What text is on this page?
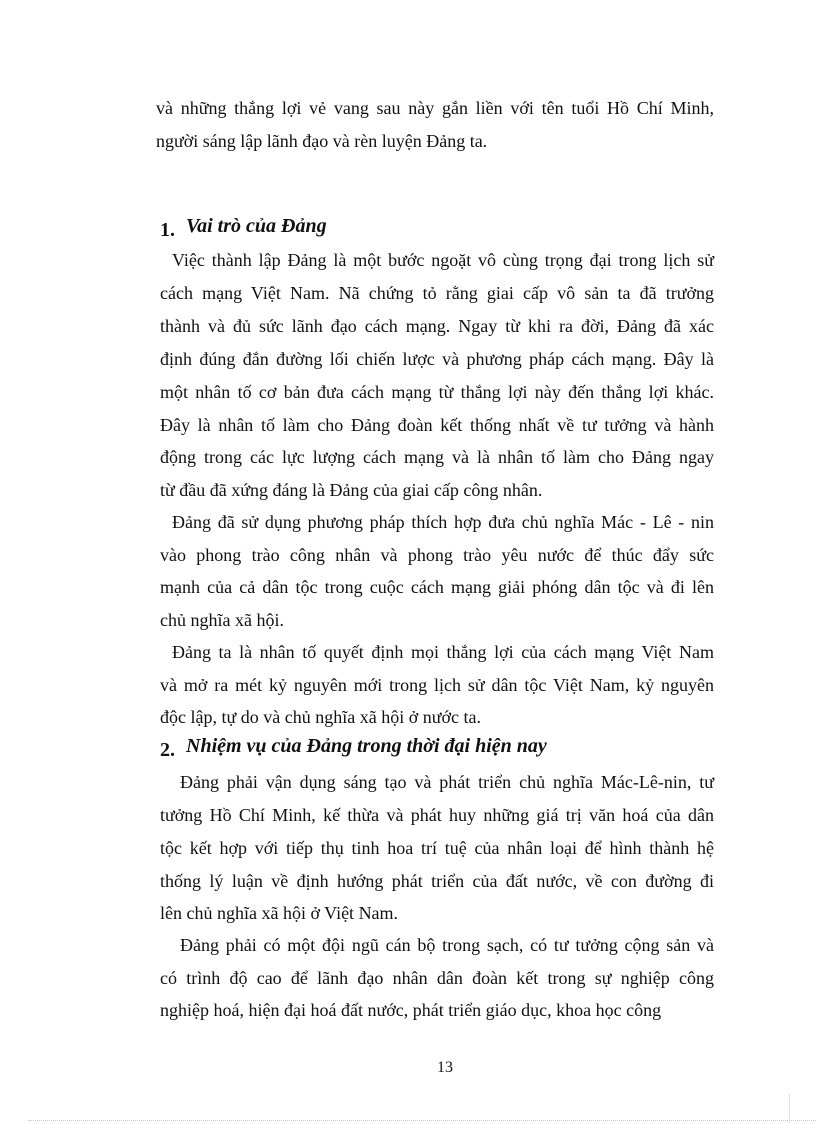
và những thắng lợi vẻ vang sau này gắn liền với tên tuổi Hồ Chí Minh,
người sáng lập lãnh đạo và rèn luyện Đảng ta.
1. Vai trò của Đảng
Việc thành lập Đảng là một bước ngoặt vô cùng trọng đại trong lịch sử
cách mạng Việt Nam. Nã chứng tỏ rằng giai cấp vô sản ta đã trưởng
thành và đủ sức lãnh đạo cách mạng. Ngay từ khi ra đời, Đảng đã xác
định đúng đắn đường lối chiến lược và phương pháp cách mạng. Đây là
một nhân tố cơ bản đưa cách mạng từ thắng lợi này đến thắng lợi khác.
Đây là nhân tố làm cho Đảng đoàn kết thống nhất về tư tưởng và hành
động trong các lực lượng cách mạng và là nhân tố làm cho Đảng ngay
từ đầu đã xứng đáng là Đảng của giai cấp công nhân.
Đảng đã sử dụng phương pháp thích hợp đưa chủ nghĩa Mác - Lê - nin
vào phong trào công nhân và phong trào yêu nước để thúc đẩy sức
mạnh của cả dân tộc trong cuộc cách mạng giải phóng dân tộc và đi lên
chủ nghĩa xã hội.
Đảng ta là nhân tố quyết định mọi thắng lợi của cách mạng Việt Nam
và mở ra mét kỷ nguyên mới trong lịch sử dân tộc Việt Nam, kỷ nguyên
độc lập, tự do và chủ nghĩa xã hội ở nước ta.
2. Nhiệm vụ của Đảng trong thời đại hiện nay
Đảng phải vận dụng sáng tạo và phát triển chủ nghĩa Mác-Lê-nin, tư
tưởng Hồ Chí Minh, kế thừa và phát huy những giá trị văn hoá của dân
tộc kết hợp với tiếp thụ tinh hoa trí tuệ của nhân loại để hình thành hệ
thống lý luận về định hướng phát triển của đất nước, về con đường đi
lên chủ nghĩa xã hội ở Việt Nam.
Đảng phải có một đội ngũ cán bộ trong sạch, có tư tưởng cộng sản và
có trình độ cao để lãnh đạo nhân dân đoàn kết trong sự nghiệp công
nghiệp hoá, hiện đại hoá đất nước, phát triển giáo dục, khoa học công
13
